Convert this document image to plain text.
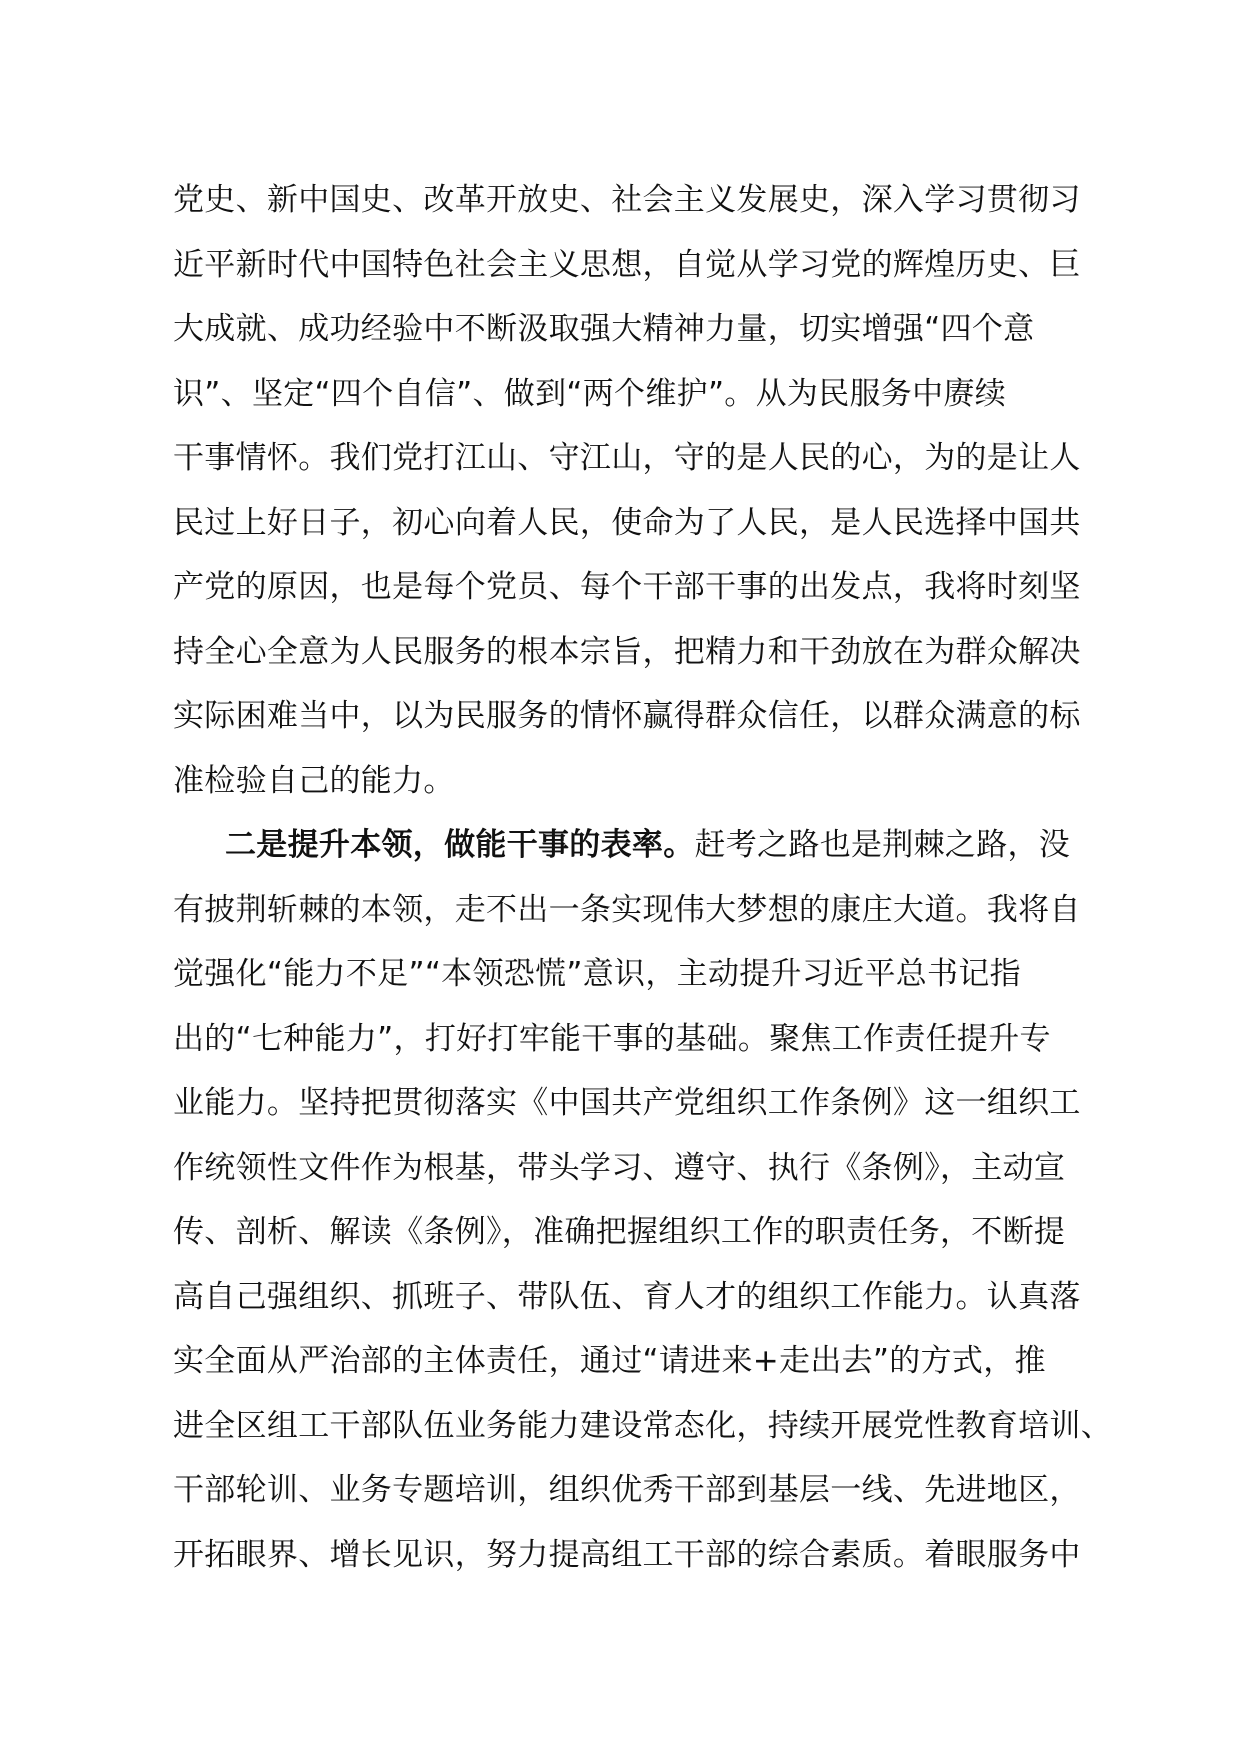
党史、新中国史、改革开放史、社会主义发展史，深入学习贯彻习
近平新时代中国特色社会主义思想，自觉从学习党的辉煌历史、巨
大成就、成功经验中不断汲取强大精神力量，切实增强“四个意
识”、坚定“四个自信”、做到“两个维护”。从为民服务中赓续
干事情怀。我们党打江山、守江山，守的是人民的心，为的是让人
民过上好日子，初心向着人民，使命为了人民，是人民选择中国共
产党的原因，也是每个党员、每个干部干事的出发点，我将时刻坚
持全心全意为人民服务的根本宗旨，把精力和干劲放在为群众解决
实际困难当中，以为民服务的情怀赢得群众信任，以群众满意的标
准检验自己的能力。
二是提升本领，做能干事的表率。赶考之路也是荆棘之路，没
有披荆斩棘的本领，走不出一条实现伟大梦想的康庄大道。我将自
觉强化“能力不足”“本领恐慌”意识，主动提升习近平总书记指
出的“七种能力”，打好打牢能干事的基础。聚焦工作责任提升专
业能力。坚持把贯彻落实《中国共产党组织工作条例》这一组织工
作统领性文件作为根基，带头学习、遵守、执行《条例》，主动宣
传、剖析、解读《条例》，准确把握组织工作的职责任务，不断提
高自己强组织、抓班子、带队伍、育人才的组织工作能力。认真落
实全面从严治部的主体责任，通过“请进来+走出去”的方式，推
进全区组工干部队伍业务能力建设常态化，持续开展党性教育培训、
干部轮训、业务专题培训，组织优秀干部到基层一线、先进地区，
开拓眼界、增长见识，努力提高组工干部的综合素质。着眼服务中
